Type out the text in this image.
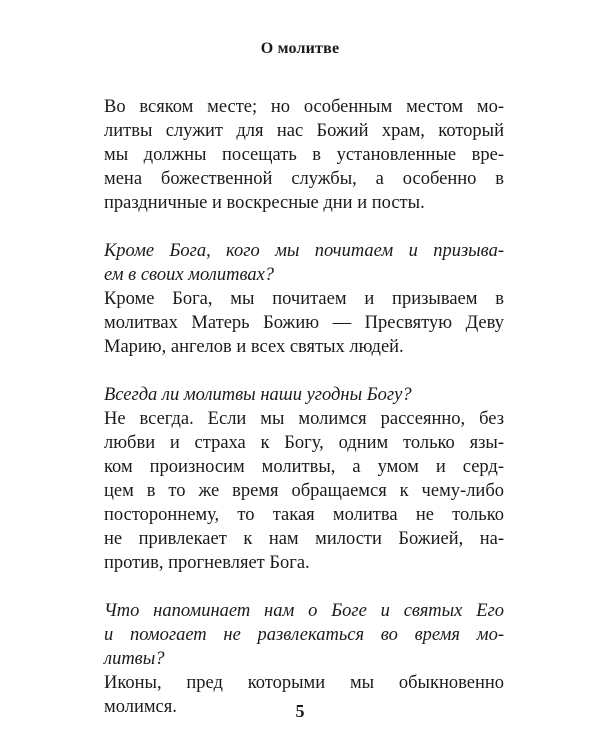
О молитве
Во всяком месте; но особенным местом мо-
литвы служит для нас Божий храм, который
мы должны посещать в установленные вре-
мена божественной службы, а особенно в
праздничные и воскресные дни и посты.
Кроме Бога, кого мы почитаем и призыва-
ем в своих молитвах?
Кроме Бога, мы почитаем и призываем в
молитвах Матерь Божию — Пресвятую Деву
Марию, ангелов и всех святых людей.
Всегда ли молитвы наши угодны Богу?
Не всегда. Если мы молимся рассеянно, без
любви и страха к Богу, одним только язы-
ком произносим молитвы, а умом и серд-
цем в то же время обращаемся к чему-либо
постороннему, то такая молитва не только
не привлекает к нам милости Божией, на-
против, прогневляет Бога.
Что напоминает нам о Боге и святых Его
и помогает не развлекаться во время мо-
литвы?
Иконы, пред которыми мы обыкновенно
молимся.	5
